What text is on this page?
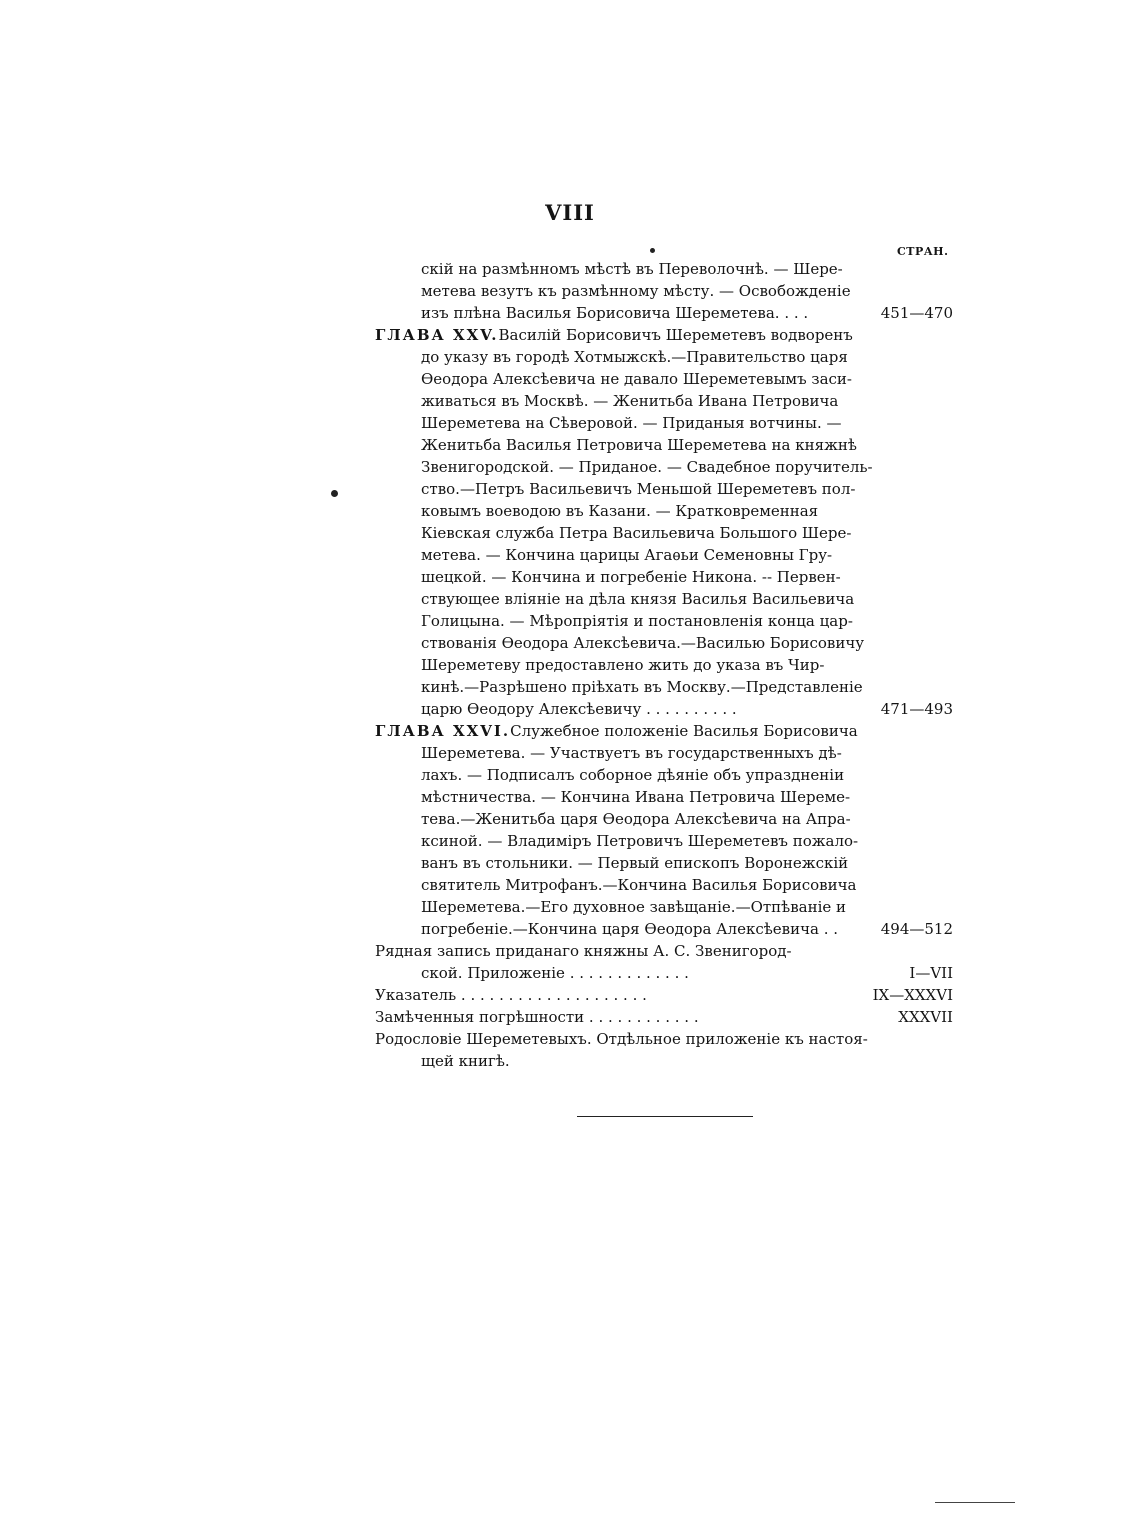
VIII
СТРАН.
скій на размѣнномъ мѣстѣ въ Переволочнѣ. — Шере-
метева везутъ къ размѣнному мѣсту. — Освобожденіе
изъ плѣна Василья Борисовича Шереметева. . . .	451—470
ГЛАВА XXV.Василій Борисовичъ Шереметевъ водворенъ
до указу въ городѣ Хотмыжскѣ.—Правительство царя
Ѳеодора Алексѣевича не давало Шереметевымъ заси-
живаться въ Москвѣ. — Женитьба Ивана Петровича
Шереметева на Сѣверовой. — Приданыя вотчины. —
Женитьба Василья Петровича Шереметева на княжнѣ
Звенигородской. — Приданое. — Свадебное поручитель-
ство.—Петръ Васильевичъ Меньшой Шереметевъ пол-
ковымъ воеводою въ Казани. — Кратковременная
Кіевская служба Петра Васильевича Большого Шере-
метева. — Кончина царицы Агаѳьи Семеновны Гру-
шецкой. — Кончина и погребеніе Никона. -- Первен-
ствующее вліяніе на дѣла князя Василья Васильевича
Голицына. — Мѣропріятія и постановленія конца цар-
ствованія Ѳеодора Алексѣевича.—Василью Борисовичу
Шереметеву предоставлено жить до указа въ Чир-
кинѣ.—Разрѣшено пріѣхать въ Москву.—Представленіе
царю Ѳеодору Алексѣевичу . . . . . . . . . .	471—493
ГЛАВА XXVI.Служебное положеніе Василья Борисовича
Шереметева. — Участвуетъ въ государственныхъ дѣ-
лахъ. — Подписалъ соборное дѣяніе объ упраздненіи
мѣстничества. — Кончина Ивана Петровича Шереме-
тева.—Женитьба царя Ѳеодора Алексѣевича на Апра-
ксиной. — Владиміръ Петровичъ Шереметевъ пожало-
ванъ въ стольники. — Первый епископъ Воронежскій
святитель Митрофанъ.—Кончина Василья Борисовича
Шереметева.—Его духовное завѣщаніе.—Отпѣваніе и
погребеніе.—Кончина царя Ѳеодора Алексѣевича . .	494—512
Рядная запись приданаго княжны А. С. Звенигород-
ской. Приложеніе . . . . . . . . . . . . .	I—VII
Указатель . . . . . . . . . . . . . . . . . . . .	IX—XXXVI
Замѣченныя погрѣшности . . . . . . . . . . . .	XXXVII
Родословіе Шереметевыхъ. Отдѣльное приложеніе къ настоя-
щей книгѣ.
